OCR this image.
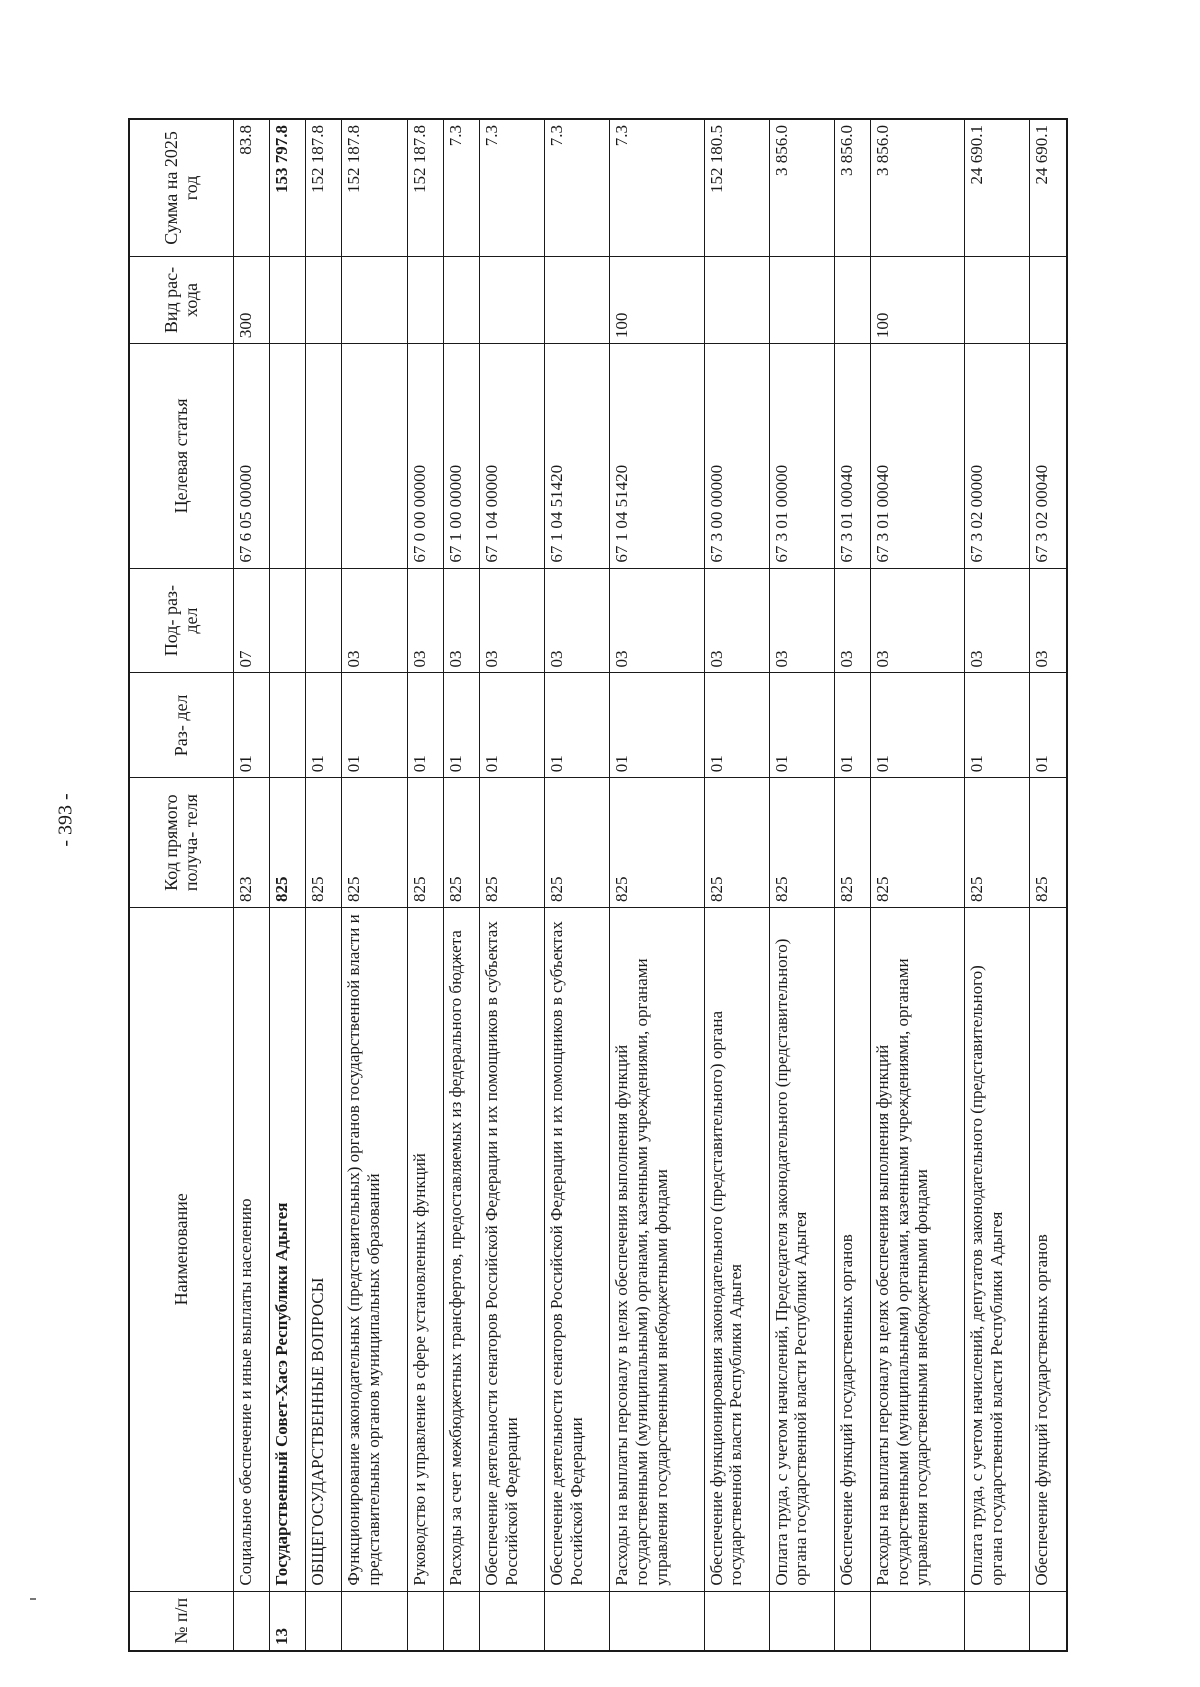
- 393 -
№ п/п	Наименование	Код прямого получа- теля	Раз- дел	Под- раз- дел	Целевая статья	Вид рас- хода	Сумма на 2025 год
	Социальное обеспечение и иные выплаты населению	823	01	07	67 6 05 00000	300	83.8
13	Государственный Совет-Хасэ Республики Адыгея	825					153 797.8
	ОБЩЕГОСУДАРСТВЕННЫЕ ВОПРОСЫ	825	01				152 187.8
	Функционирование законодательных (представительных) органов государственной власти и представительных органов муниципальных образований	825	01	03			152 187.8
	Руководство и управление в сфере установленных функций	825	01	03	67 0 00 00000		152 187.8
	Расходы за счет межбюджетных трансфертов, предоставляемых из федерального бюджета	825	01	03	67 1 00 00000		7.3
	Обеспечение деятельности сенаторов Российской Федерации и их помощников в субъектах Российской Федерации	825	01	03	67 1 04 00000		7.3
	Обеспечение деятельности сенаторов Российской Федерации и их помощников в субъектах Российской Федерации	825	01	03	67 1 04 51420		7.3
	Расходы на выплаты персоналу в целях обеспечения выполнения функций государственными (муниципальными) органами, казенными учреждениями, органами управления государственными внебюджетными фондами	825	01	03	67 1 04 51420	100	7.3
	Обеспечение функционирования законодательного (представительного) органа государственной власти Республики Адыгея	825	01	03	67 3 00 00000		152 180.5
	Оплата труда, с учетом начислений, Председателя законодательного (представительного) органа государственной власти Республики Адыгея	825	01	03	67 3 01 00000		3 856.0
	Обеспечение функций государственных органов	825	01	03	67 3 01 00040		3 856.0
	Расходы на выплаты персоналу в целях обеспечения выполнения функций государственными (муниципальными) органами, казенными учреждениями, органами управления государственными внебюджетными фондами	825	01	03	67 3 01 00040	100	3 856.0
	Оплата труда, с учетом начислений, депутатов законодательного (представительного) органа государственной власти Республики Адыгея	825	01	03	67 3 02 00000		24 690.1
	Обеспечение функций государственных органов	825	01	03	67 3 02 00040		24 690.1
